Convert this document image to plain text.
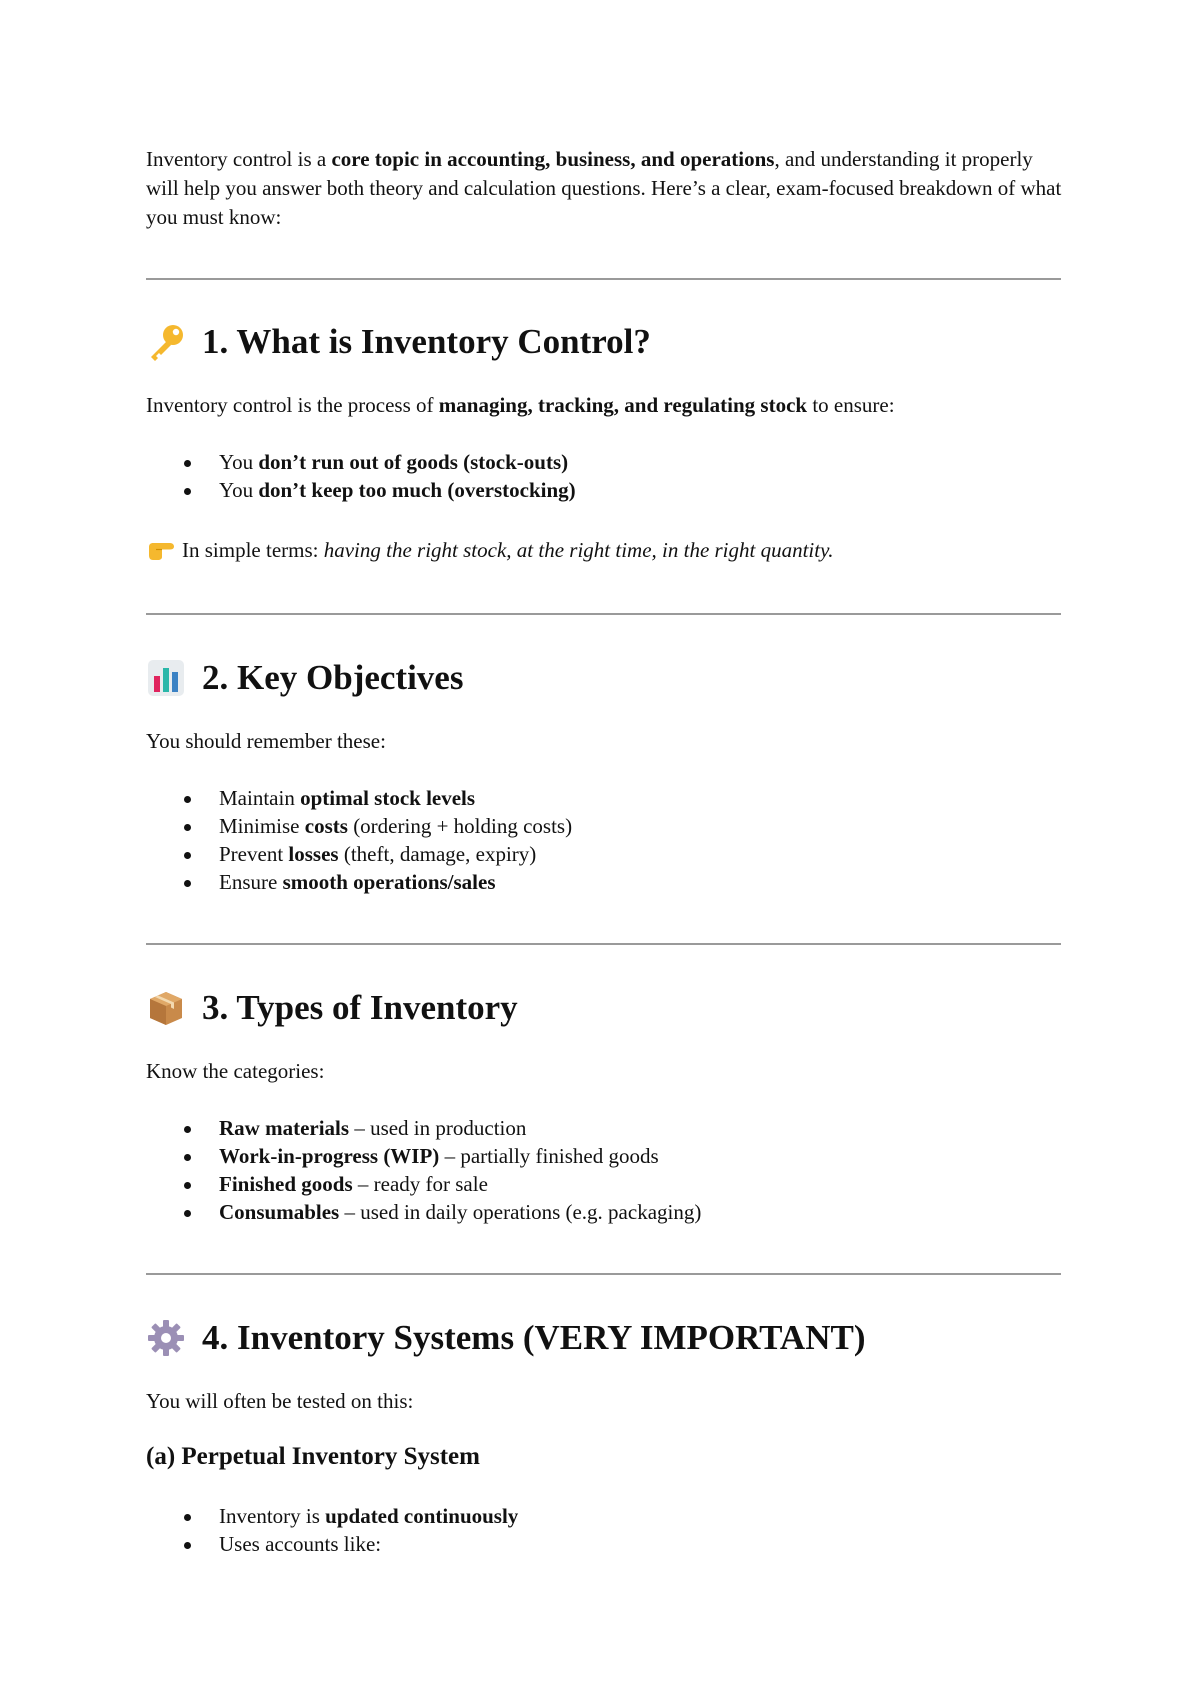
Inventory control is a core topic in accounting, business, and operations, and understanding it properly will help you answer both theory and calculation questions. Here’s a clear, exam-focused breakdown of what you must know:

1. What is Inventory Control?

Inventory control is the process of managing, tracking, and regulating stock to ensure:

You don’t run out of goods (stock-outs)
You don’t keep too much (overstocking)

In simple terms: having the right stock, at the right time, in the right quantity.

2. Key Objectives

You should remember these:

Maintain optimal stock levels
Minimise costs (ordering + holding costs)
Prevent losses (theft, damage, expiry)
Ensure smooth operations/sales
3. Types of Inventory

Know the categories:

Raw materials – used in production
Work-in-progress (WIP) – partially finished goods
Finished goods – ready for sale
Consumables – used in daily operations (e.g. packaging)
4. Inventory Systems (VERY IMPORTANT)

You will often be tested on this:

(a) Perpetual Inventory System
Inventory is updated continuously
Uses accounts like:
